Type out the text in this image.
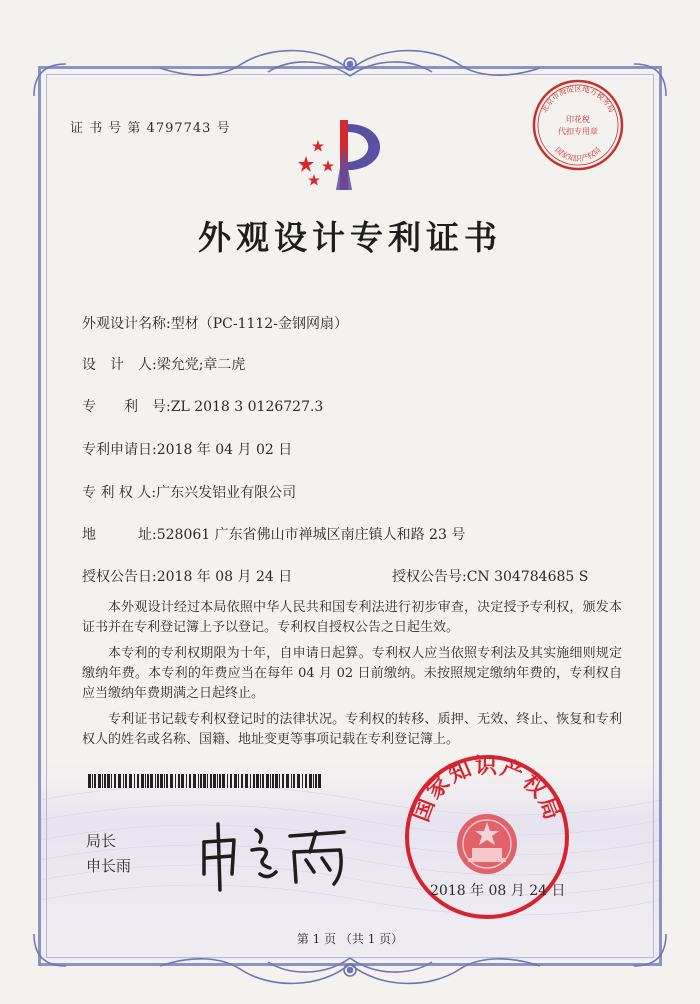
证 书 号 第 4797743 号
北京市海淀区地方税务局
印花税
代扣专用章
国家知识产权局
外观设计专利证书
外观设计名称:型材（PC-1112-金钢网扇）
设　计　人:梁允党;章二虎
专　　利　号:ZL 2018 3 0126727.3
专利申请日:2018 年 04 月 02 日
专 利 权 人:广东兴发铝业有限公司
地　　　址:528061 广东省佛山市禅城区南庄镇人和路 23 号
授权公告日:2018 年 08 月 24 日	授权公告号:CN 304784685 S

本外观设计经过本局依照中华人民共和国专利法进行初步审查，决定授予专利权，颁发本证书并在专利登记簿上予以登记。专利权自授权公告之日起生效。

本专利的专利权期限为十年，自申请日起算。专利权人应当依照专利法及其实施细则规定缴纳年费。本专利的年费应当在每年 04 月 02 日前缴纳。未按照规定缴纳年费的，专利权自应当缴纳年费期满之日起终止。

专利证书记载专利权登记时的法律状况。专利权的转移、质押、无效、终止、恢复和专利权人的姓名或名称、国籍、地址变更等事项记载在专利登记簿上。

局长
申长雨
国家知识产权局
2018 年 08 月 24 日
第 1 页 （共 1 页）
